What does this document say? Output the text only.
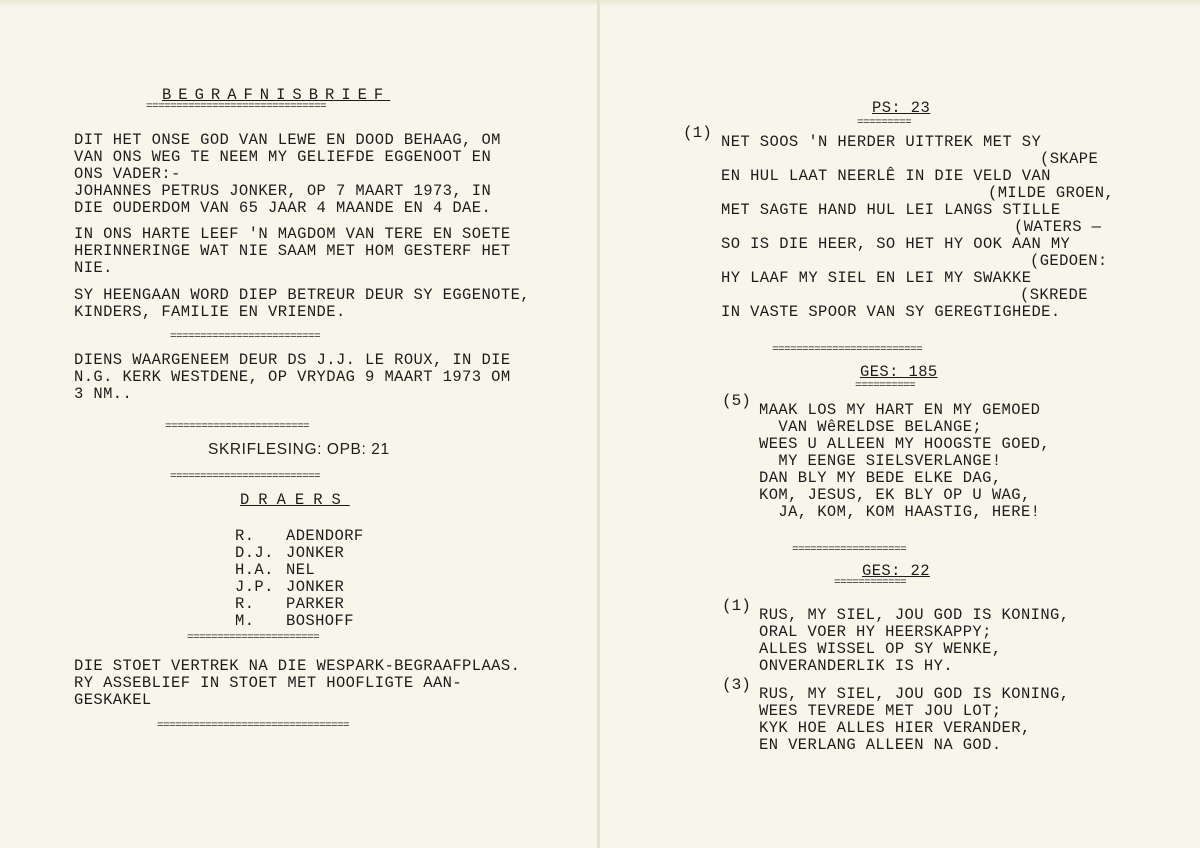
BEGRAFNISBRIEF
==============================
DIT HET ONSE GOD VAN LEWE EN DOOD BEHAAG, OM
VAN ONS WEG TE NEEM MY GELIEFDE EGGENOOT EN
ONS VADER:-
JOHANNES PETRUS JONKER, OP 7 MAART 1973, IN
DIE OUDERDOM VAN 65 JAAR 4 MAANDE EN 4 DAE.
IN ONS HARTE LEEF 'N MAGDOM VAN TERE EN SOETE
HERINNERINGE WAT NIE SAAM MET HOM GESTERF HET
NIE.
SY HEENGAAN WORD DIEP BETREUR DEUR SY EGGENOTE,
KINDERS, FAMILIE EN VRIENDE.
=========================
DIENS WAARGENEEM DEUR DS J.J. LE ROUX, IN DIE
N.G. KERK WESTDENE, OP VRYDAG 9 MAART 1973 OM
3 NM..
========================
SKRIFLESING: OPB: 21
=========================
DRAERS
R. ADENDORF
D.J. JONKER
H.A. NEL
J.P. JONKER
R. PARKER
M. BOSHOFF
======================
DIE STOET VERTREK NA DIE WESPARK-BEGRAAFPLAAS.
RY ASSEBLIEF IN STOET MET HOOFLIGTE AAN-
GESKAKEL
================================
PS: 23
=========
(1) NET SOOS 'N HERDER UITTREK MET SY
(SKAPE
EN HUL LAAT NEERLÊ IN DIE VELD VAN
(MILDE GROEN,
MET SAGTE HAND HUL LEI LANGS STILLE
(WATERS —
SO IS DIE HEER, SO HET HY OOK AAN MY
(GEDOEN:
HY LAAF MY SIEL EN LEI MY SWAKKE
(SKREDE
IN VASTE SPOOR VAN SY GEREGTIGHEDE.
=========================
GES: 185
==========
(5) MAAK LOS MY HART EN MY GEMOED
VAN WêRELDSE BELANGE;
WEES U ALLEEN MY HOOGSTE GOED,
MY EENGE SIELSVERLANGE!
DAN BLY MY BEDE ELKE DAG,
KOM, JESUS, EK BLY OP U WAG,
JA, KOM, KOM HAASTIG, HERE!
===================
GES: 22
============
(1) RUS, MY SIEL, JOU GOD IS KONING,
ORAL VOER HY HEERSKAPPY;
ALLES WISSEL OP SY WENKE,
ONVERANDERLIK IS HY.
(3) RUS, MY SIEL, JOU GOD IS KONING,
WEES TEVREDE MET JOU LOT;
KYK HOE ALLES HIER VERANDER,
EN VERLANG ALLEEN NA GOD.
